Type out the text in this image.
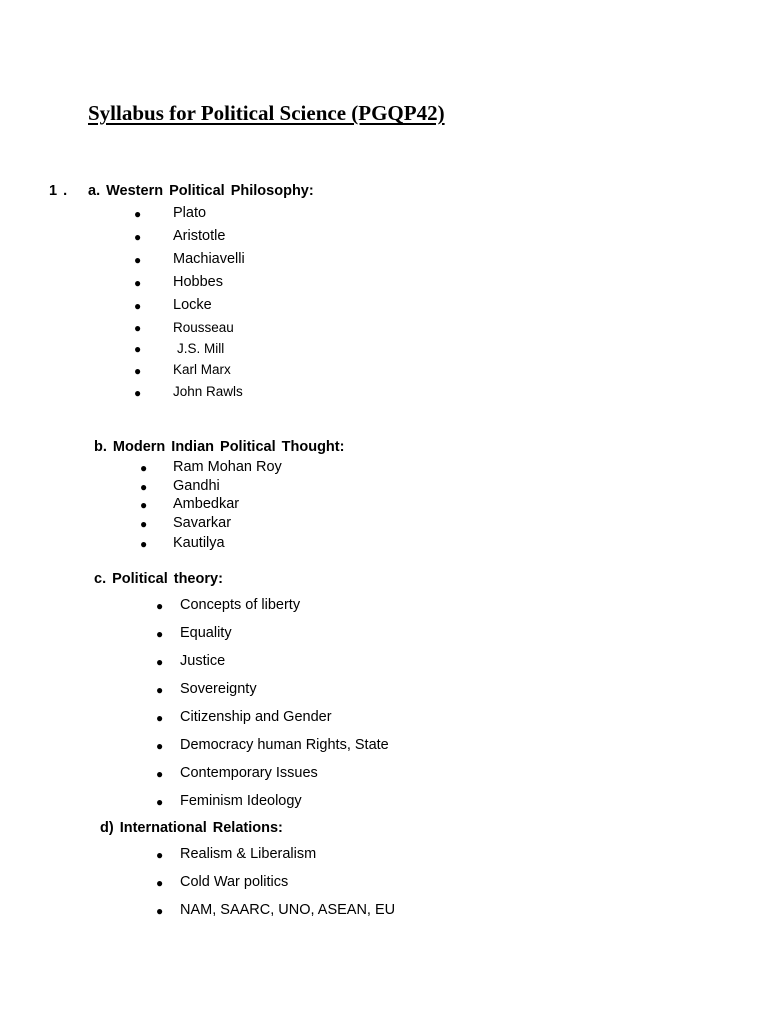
Syllabus for Political Science (PGQP42)
1 . a. Western Political Philosophy:
● Plato
● Aristotle
● Machiavelli
● Hobbes
● Locke
● Rousseau
●	J.S. Mill
● Karl Marx
● John Rawls
b. Modern Indian Political Thought:
● Ram Mohan Roy
● Gandhi
● Ambedkar
● Savarkar
● Kautilya
c. Political theory:
● Concepts of liberty
● Equality
● Justice
● Sovereignty
● Citizenship and Gender
● Democracy human Rights, State
● Contemporary Issues
● Feminism Ideology
d) International Relations:
● Realism & Liberalism
● Cold War politics
● NAM, SAARC, UNO, ASEAN, EU
